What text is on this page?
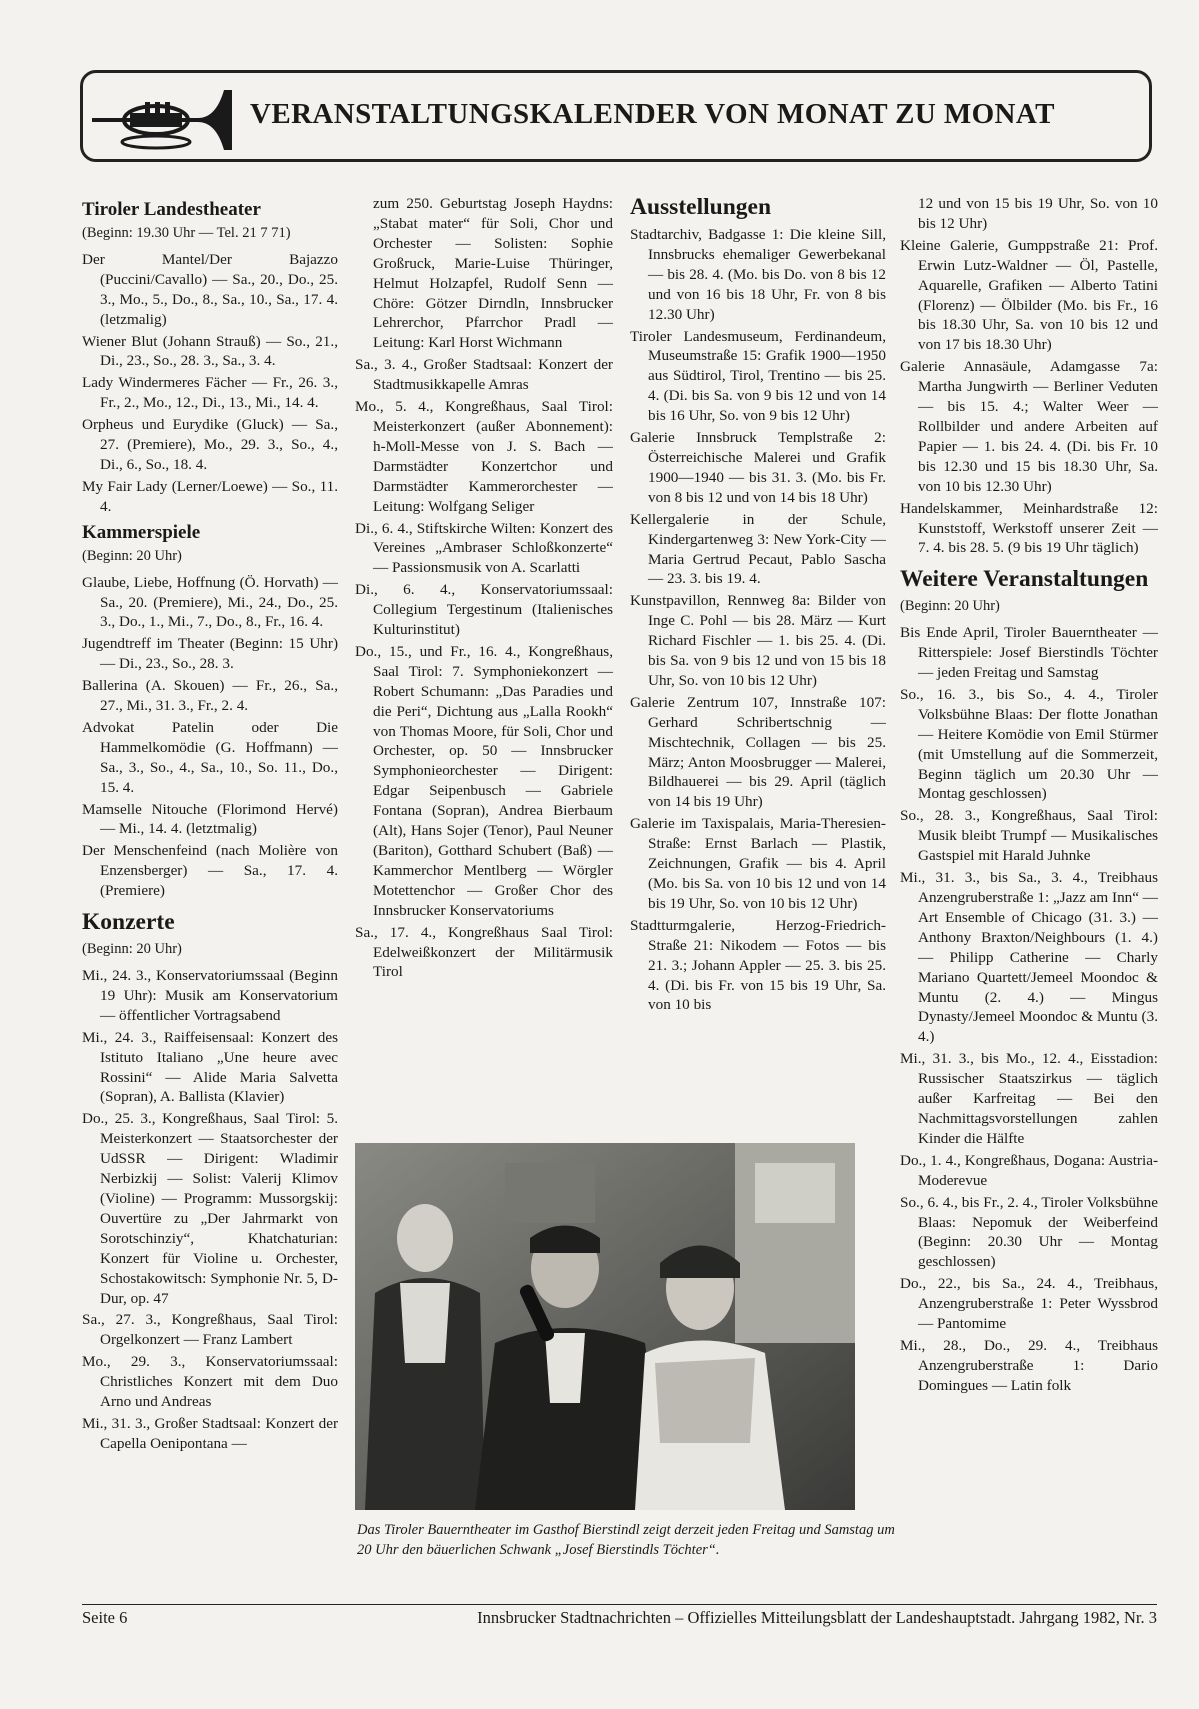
VERANSTALTUNGSKALENDER VON MONAT ZU MONAT
Tiroler Landestheater
(Beginn: 19.30 Uhr — Tel. 21 7 71)
Der Mantel/Der Bajazzo (Puccini/Cavallo) — Sa., 20., Do., 25. 3., Mo., 5., Do., 8., Sa., 10., Sa., 17. 4. (letzmalig)
Wiener Blut (Johann Strauß) — So., 21., Di., 23., So., 28. 3., Sa., 3. 4.
Lady Windermeres Fächer — Fr., 26. 3., Fr., 2., Mo., 12., Di., 13., Mi., 14. 4.
Orpheus und Eurydike (Gluck) — Sa., 27. (Premiere), Mo., 29. 3., So., 4., Di., 6., So., 18. 4.
My Fair Lady (Lerner/Loewe) — So., 11. 4.
Kammerspiele
(Beginn: 20 Uhr)
Glaube, Liebe, Hoffnung (Ö. Horvath) — Sa., 20. (Premiere), Mi., 24., Do., 25. 3., Do., 1., Mi., 7., Do., 8., Fr., 16. 4.
Jugendtreff im Theater (Beginn: 15 Uhr) — Di., 23., So., 28. 3.
Ballerina (A. Skouen) — Fr., 26., Sa., 27., Mi., 31. 3., Fr., 2. 4.
Advokat Patelin oder Die Hammelkomödie (G. Hoffmann) — Sa., 3., So., 4., Sa., 10., So. 11., Do., 15. 4.
Mamselle Nitouche (Florimond Hervé) — Mi., 14. 4. (letztmalig)
Der Menschenfeind (nach Molière von Enzensberger) — Sa., 17. 4. (Premiere)
Konzerte
(Beginn: 20 Uhr)
Mi., 24. 3., Konservatoriumssaal (Beginn 19 Uhr): Musik am Konservatorium — öffentlicher Vortragsabend
Mi., 24. 3., Raiffeisensaal: Konzert des Istituto Italiano „Une heure avec Rossini“ — Alide Maria Salvetta (Sopran), A. Ballista (Klavier)
Do., 25. 3., Kongreßhaus, Saal Tirol: 5. Meisterkonzert — Staatsorchester der UdSSR — Dirigent: Wladimir Nerbizkij — Solist: Valerij Klimov (Violine) — Programm: Mussorgskij: Ouvertüre zu „Der Jahrmarkt von Sorotschinziy“, Khatchaturian: Konzert für Violine u. Orchester, Schostakowitsch: Symphonie Nr. 5, D-Dur, op. 47
Sa., 27. 3., Kongreßhaus, Saal Tirol: Orgelkonzert — Franz Lambert
Mo., 29. 3., Konservatoriumssaal: Christliches Konzert mit dem Duo Arno und Andreas
Mi., 31. 3., Großer Stadtsaal: Konzert der Capella Oenipontana —
zum 250. Geburtstag Joseph Haydns: „Stabat mater“ für Soli, Chor und Orchester — Solisten: Sophie Großruck, Marie-Luise Thüringer, Helmut Holzapfel, Rudolf Senn — Chöre: Götzer Dirndln, Innsbrucker Lehrerchor, Pfarrchor Pradl — Leitung: Karl Horst Wichmann
Sa., 3. 4., Großer Stadtsaal: Konzert der Stadtmusikkapelle Amras
Mo., 5. 4., Kongreßhaus, Saal Tirol: Meisterkonzert (außer Abonnement): h-Moll-Messe von J. S. Bach — Darmstädter Konzertchor und Darmstädter Kammerorchester — Leitung: Wolfgang Seliger
Di., 6. 4., Stiftskirche Wilten: Konzert des Vereines „Ambraser Schloßkonzerte“ — Passionsmusik von A. Scarlatti
Di., 6. 4., Konservatoriumssaal: Collegium Tergestinum (Italienisches Kulturinstitut)
Do., 15., und Fr., 16. 4., Kongreßhaus, Saal Tirol: 7. Symphoniekonzert — Robert Schumann: „Das Paradies und die Peri“, Dichtung aus „Lalla Rookh“ von Thomas Moore, für Soli, Chor und Orchester, op. 50 — Innsbrucker Symphonieorchester — Dirigent: Edgar Seipenbusch — Gabriele Fontana (Sopran), Andrea Bierbaum (Alt), Hans Sojer (Tenor), Paul Neuner (Bariton), Gotthard Schubert (Baß) — Kammerchor Mentlberg — Wörgler Motettenchor — Großer Chor des Innsbrucker Konservatoriums
Sa., 17. 4., Kongreßhaus Saal Tirol: Edelweißkonzert der Militärmusik Tirol
Ausstellungen
Stadtarchiv, Badgasse 1: Die kleine Sill, Innsbrucks ehemaliger Gewerbekanal — bis 28. 4. (Mo. bis Do. von 8 bis 12 und von 16 bis 18 Uhr, Fr. von 8 bis 12.30 Uhr)
Tiroler Landesmuseum, Ferdinandeum, Museumstraße 15: Grafik 1900—1950 aus Südtirol, Tirol, Trentino — bis 25. 4. (Di. bis Sa. von 9 bis 12 und von 14 bis 16 Uhr, So. von 9 bis 12 Uhr)
Galerie Innsbruck Templstraße 2: Österreichische Malerei und Grafik 1900—1940 — bis 31. 3. (Mo. bis Fr. von 8 bis 12 und von 14 bis 18 Uhr)
Kellergalerie in der Schule, Kindergartenweg 3: New York-City — Maria Gertrud Pecaut, Pablo Sascha — 23. 3. bis 19. 4.
Kunstpavillon, Rennweg 8a: Bilder von Inge C. Pohl — bis 28. März — Kurt Richard Fischler — 1. bis 25. 4. (Di. bis Sa. von 9 bis 12 und von 15 bis 18 Uhr, So. von 10 bis 12 Uhr)
Galerie Zentrum 107, Innstraße 107: Gerhard Schribertschnig — Mischtechnik, Collagen — bis 25. März; Anton Moosbrugger — Malerei, Bildhauerei — bis 29. April (täglich von 14 bis 19 Uhr)
Galerie im Taxispalais, Maria-Theresien-Straße: Ernst Barlach — Plastik, Zeichnungen, Grafik — bis 4. April (Mo. bis Sa. von 10 bis 12 und von 14 bis 19 Uhr, So. von 10 bis 12 Uhr)
Stadtturmgalerie, Herzog-Friedrich-Straße 21: Nikodem — Fotos — bis 21. 3.; Johann Appler — 25. 3. bis 25. 4. (Di. bis Fr. von 15 bis 19 Uhr, Sa. von 10 bis
12 und von 15 bis 19 Uhr, So. von 10 bis 12 Uhr)
Kleine Galerie, Gumppstraße 21: Prof. Erwin Lutz-Waldner — Öl, Pastelle, Aquarelle, Grafiken — Alberto Tatini (Florenz) — Ölbilder (Mo. bis Fr., 16 bis 18.30 Uhr, Sa. von 10 bis 12 und von 17 bis 18.30 Uhr)
Galerie Annasäule, Adamgasse 7a: Martha Jungwirth — Berliner Veduten — bis 15. 4.; Walter Weer — Rollbilder und andere Arbeiten auf Papier — 1. bis 24. 4. (Di. bis Fr. 10 bis 12.30 und 15 bis 18.30 Uhr, Sa. von 10 bis 12.30 Uhr)
Handelskammer, Meinhardstraße 12: Kunststoff, Werkstoff unserer Zeit — 7. 4. bis 28. 5. (9 bis 19 Uhr täglich)
Weitere Veranstaltungen
(Beginn: 20 Uhr)
Bis Ende April, Tiroler Bauerntheater — Ritterspiele: Josef Bierstindls Töchter — jeden Freitag und Samstag
So., 16. 3., bis So., 4. 4., Tiroler Volksbühne Blaas: Der flotte Jonathan — Heitere Komödie von Emil Stürmer (mit Umstellung auf die Sommerzeit, Beginn täglich um 20.30 Uhr — Montag geschlossen)
So., 28. 3., Kongreßhaus, Saal Tirol: Musik bleibt Trumpf — Musikalisches Gastspiel mit Harald Juhnke
Mi., 31. 3., bis Sa., 3. 4., Treibhaus Anzengruberstraße 1: „Jazz am Inn“ — Art Ensemble of Chicago (31. 3.) — Anthony Braxton/Neighbours (1. 4.) — Philipp Catherine — Charly Mariano Quartett/Jemeel Moondoc & Muntu (2. 4.) — Mingus Dynasty/Jemeel Moondoc & Muntu (3. 4.)
Mi., 31. 3., bis Mo., 12. 4., Eisstadion: Russischer Staatszirkus — täglich außer Karfreitag — Bei den Nachmittagsvorstellungen zahlen Kinder die Hälfte
Do., 1. 4., Kongreßhaus, Dogana: Austria-Moderevue
So., 6. 4., bis Fr., 2. 4., Tiroler Volksbühne Blaas: Nepomuk der Weiberfeind (Beginn: 20.30 Uhr — Montag geschlossen)
Do., 22., bis Sa., 24. 4., Treibhaus, Anzengruberstraße 1: Peter Wyssbrod — Pantomime
Mi., 28., Do., 29. 4., Treibhaus Anzengruberstraße 1: Dario Domingues — Latin folk
Das Tiroler Bauerntheater im Gasthof Bierstindl zeigt derzeit jeden Freitag und Samstag um 20 Uhr den bäuerlichen Schwank „Josef Bierstindls Töchter“.
Seite 6	Innsbrucker Stadtnachrichten – Offizielles Mitteilungsblatt der Landeshauptstadt. Jahrgang 1982, Nr. 3
